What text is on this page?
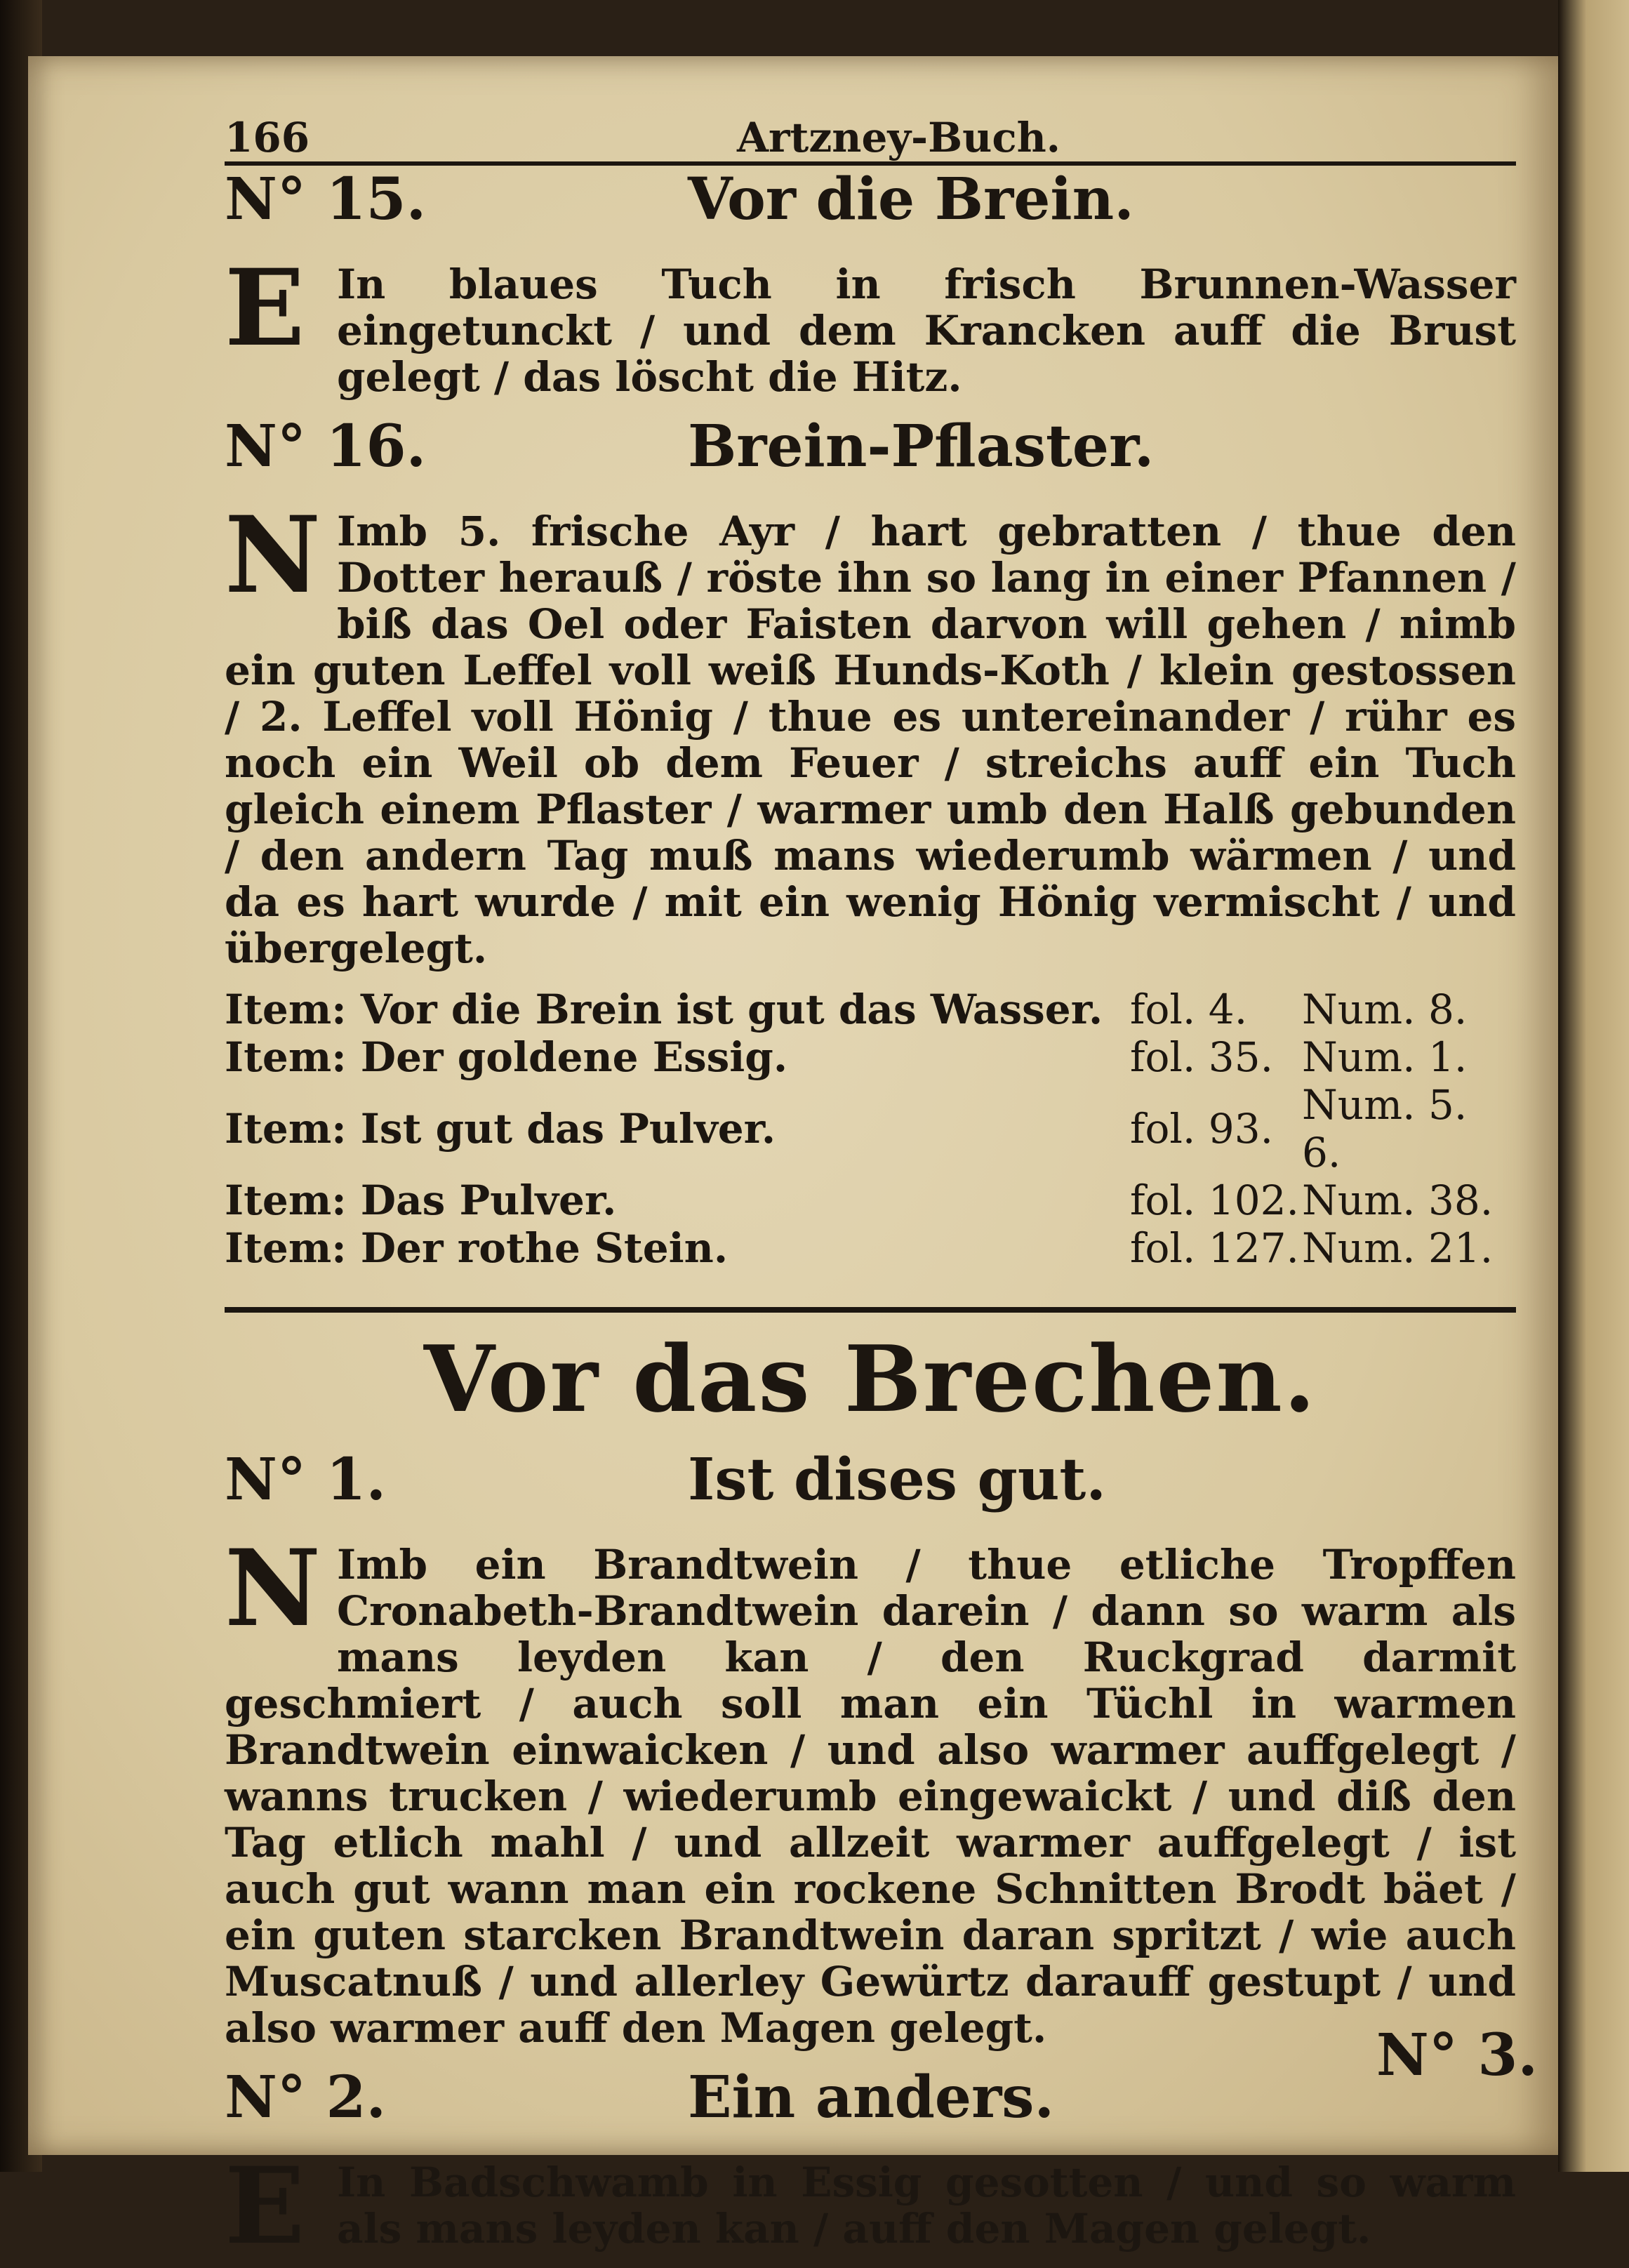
166	Artzney-Buch.
N° 15.	Vor die Brein.
E In blaues Tuch in frisch Brunnen-Wasser eingetunckt / und dem Krancken auff die Brust gelegt / das löscht die Hitz.
N° 16.	Brein-Pflaster.
N Imb 5. frische Ayr / hart gebratten / thue den Dotter herauß / röste ihn so lang in einer Pfannen / biß das Oel oder Faisten darvon will gehen / nimb ein guten Leffel voll weiß Hunds-Koth / klein gestossen / 2. Leffel voll Hönig / thue es untereinander / rühr es noch ein Weil ob dem Feuer / streichs auff ein Tuch gleich einem Pflaster / warmer umb den Halß gebunden / den andern Tag muß mans wiederumb wärmen / und da es hart wurde / mit ein wenig Hönig vermischt / und übergelegt.
Item: Vor die Brein ist gut das Wasser.	fol. 4.	Num. 8.
Item: Der goldene Essig.	fol. 35.	Num. 1.
Item: Ist gut das Pulver.	fol. 93.	Num. 5. 6.
Item: Das Pulver.	fol. 102.	Num. 38.
Item: Der rothe Stein.	fol. 127.	Num. 21.
Vor das Brechen.
N° 1.	Ist dises gut.
N Imb ein Brandtwein / thue etliche Tropffen Cronabeth-Brandtwein darein / dann so warm als mans leyden kan / den Ruckgrad darmit geschmiert / auch soll man ein Tüchl in warmen Brandtwein einwaicken / und also warmer auffgelegt / wanns trucken / wiederumb eingewaickt / und diß den Tag etlich mahl / und allzeit warmer auffgelegt / ist auch gut wann man ein rockene Schnitten Brodt bäet / ein guten starcken Brandtwein daran spritzt / wie auch Muscatnuß / und allerley Gewürtz darauff gestupt / und also warmer auff den Magen gelegt.
N° 2.	Ein anders.
E In Badschwamb in Essig gesotten / und so warm als mans leyden kan / auff den Magen gelegt.
N° 3.
